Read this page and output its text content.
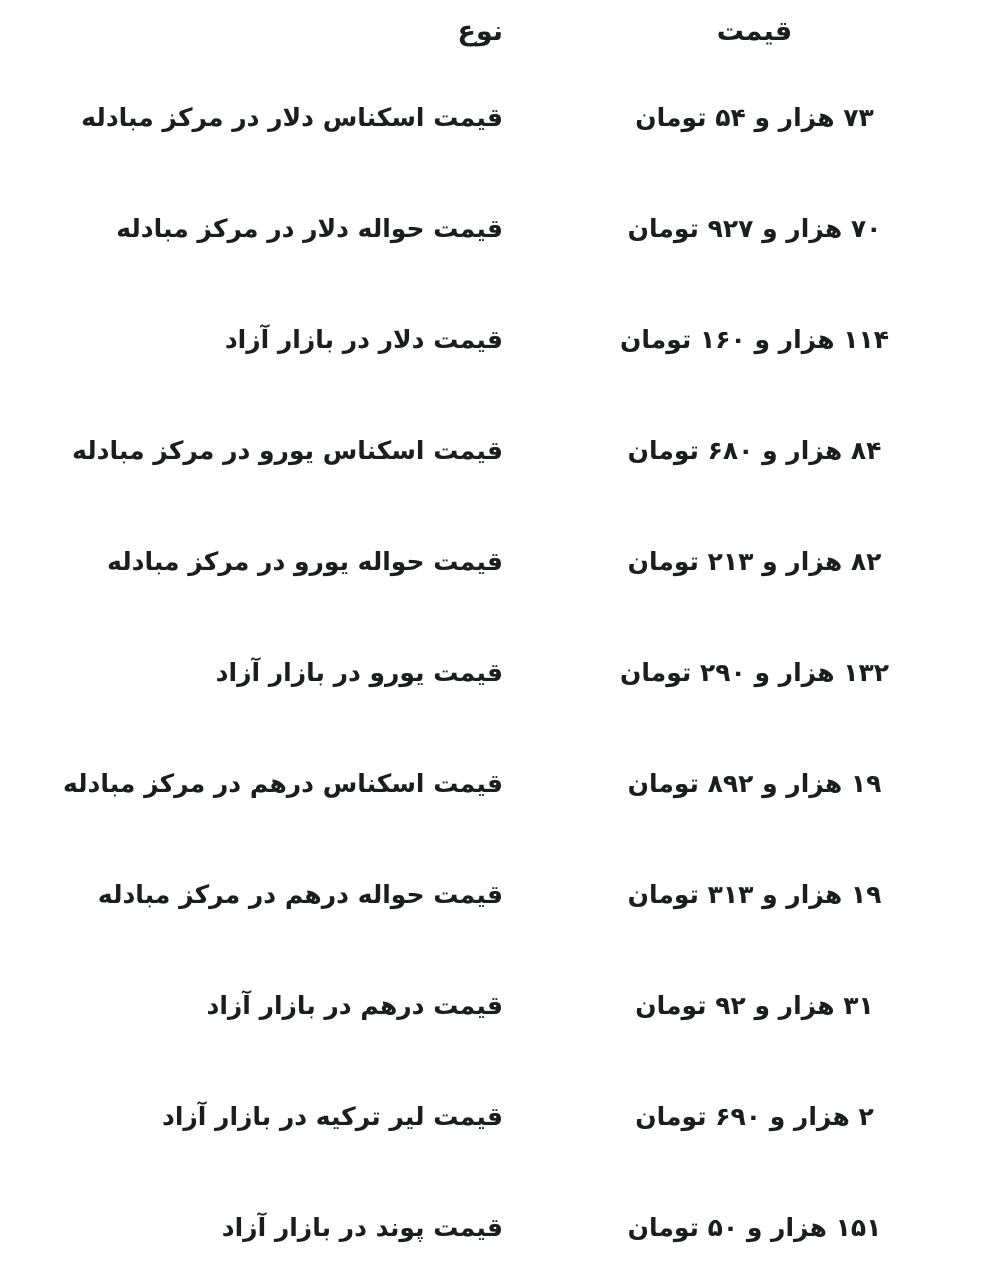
قیمت	نوع
۷۳ هزار و ۵۴ تومان	قیمت اسکناس دلار در مرکز مبادله
۷۰ هزار و ۹۲۷ تومان	قیمت حواله دلار در مرکز مبادله
۱۱۴ هزار و ۱۶۰ تومان	قیمت دلار در بازار آزاد
۸۴ هزار و ۶۸۰ تومان	قیمت اسکناس یورو در مرکز مبادله
۸۲ هزار و ۲۱۳ تومان	قیمت حواله یورو در مرکز مبادله
۱۳۲ هزار و ۲۹۰ تومان	قیمت یورو در بازار آزاد
۱۹ هزار و ۸۹۲ تومان	قیمت اسکناس درهم در مرکز مبادله
۱۹ هزار و ۳۱۳ تومان	قیمت حواله درهم در مرکز مبادله
۳۱ هزار و ۹۲ تومان	قیمت درهم در بازار آزاد
۲ هزار و ۶۹۰ تومان	قیمت لیر ترکیه در بازار آزاد
۱۵۱ هزار و ۵۰ تومان	قیمت پوند در بازار آزاد
